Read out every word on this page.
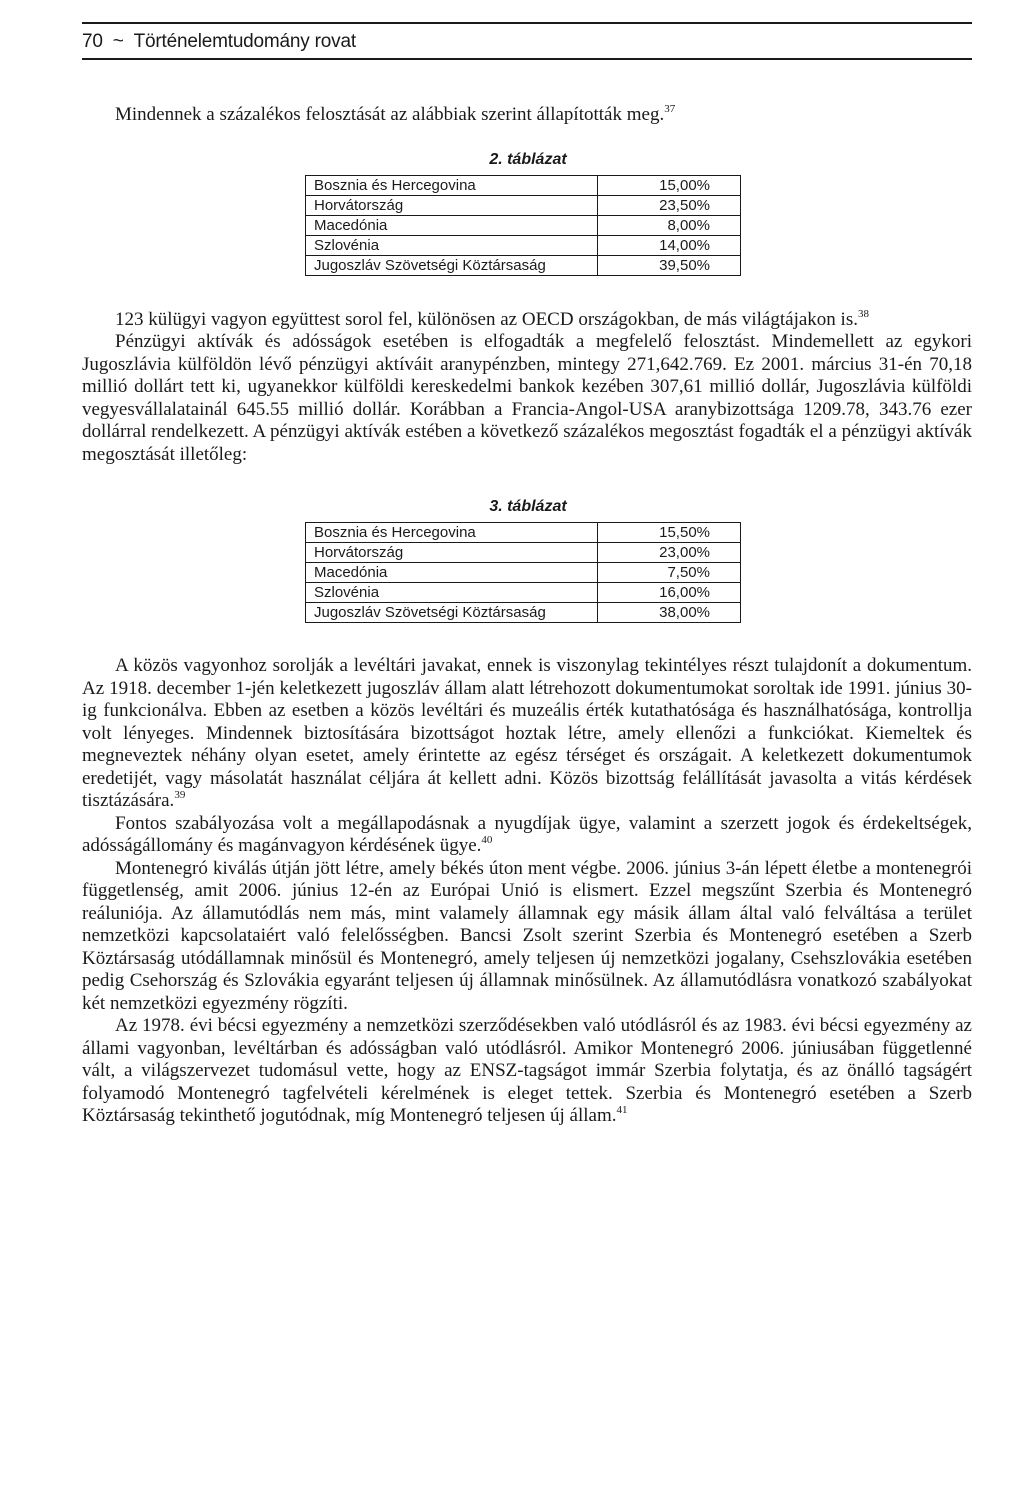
70 ~ Történelemtudomány rovat

Mindennek a százalékos felosztását az alábbiak szerint állapították meg.$^{37}$

2. táblázat
Bosznia és Hercegovina	15,00%
Horvátország	23,50%
Macedónia	8,00%
Szlovénia	14,00%
Jugoszláv Szövetségi Köztársaság	39,50%

123 külügyi vagyon együttest sorol fel, különösen az OECD országokban, de más világtájakon is.$^{38}$

Pénzügyi aktívák és adósságok esetében is elfogadták a megfelelő felosztást. Mindemellett az egykori Jugoszlávia külföldön lévő pénzügyi aktíváit aranypénzben, mintegy 271,642.769. Ez 2001. március 31-én 70,18 millió dollárt tett ki, ugyanekkor külföldi kereskedelmi bankok kezében 307,61 millió dollár, Jugoszlávia külföldi vegyesvállalatainál 645.55 millió dollár. Korábban a Francia-Angol-USA aranybizottsága 1209.78, 343.76 ezer dollárral rendelkezett. A pénzügyi aktívák estében a következő százalékos megosztást fogadták el a pénzügyi aktívák megosztását illetőleg:

3. táblázat
Bosznia és Hercegovina	15,50%
Horvátország	23,00%
Macedónia	7,50%
Szlovénia	16,00%
Jugoszláv Szövetségi Köztársaság	38,00%

A közös vagyonhoz sorolják a levéltári javakat, ennek is viszonylag tekintélyes részt tulajdonít a dokumentum. Az 1918. december 1-jén keletkezett jugoszláv állam alatt létrehozott dokumentumokat soroltak ide 1991. június 30-ig funkcionálva. Ebben az esetben a közös levéltári és muzeális érték kutathatósága és használhatósága, kontrollja volt lényeges. Mindennek biztosítására bizottságot hoztak létre, amely ellenőzi a funkciókat. Kiemeltek és megneveztek néhány olyan esetet, amely érintette az egész térséget és országait. A keletkezett dokumentumok eredetijét, vagy másolatát használat céljára át kellett adni. Közös bizottság felállítását javasolta a vitás kérdések tisztázására.$^{39}$

Fontos szabályozása volt a megállapodásnak a nyugdíjak ügye, valamint a szerzett jogok és érdekeltségek, adósságállomány és magánvagyon kérdésének ügye.$^{40}$

Montenegró kiválás útján jött létre, amely békés úton ment végbe. 2006. június 3-án lépett életbe a montenegrói függetlenség, amit 2006. június 12-én az Európai Unió is elismert. Ezzel megszűnt Szerbia és Montenegró reáluniója. Az államutódlás nem más, mint valamely államnak egy másik állam által való felváltása a terület nemzetközi kapcsolataiért való felelősségben. Bancsi Zsolt szerint Szerbia és Montenegró esetében a Szerb Köztársaság utódállamnak minősül és Montenegró, amely teljesen új nemzetközi jogalany, Csehszlovákia esetében pedig Csehország és Szlovákia egyaránt teljesen új államnak minősülnek. Az államutódlásra vonatkozó szabályokat két nemzetközi egyezmény rögzíti.

Az 1978. évi bécsi egyezmény a nemzetközi szerződésekben való utódlásról és az 1983. évi bécsi egyezmény az állami vagyonban, levéltárban és adósságban való utódlásról. Amikor Montenegró 2006. júniusában függetlenné vált, a világszervezet tudomásul vette, hogy az ENSZ-tagságot immár Szerbia folytatja, és az önálló tagságért folyamodó Montenegró tagfelvételi kérelmének is eleget tettek. Szerbia és Montenegró esetében a Szerb Köztársaság tekinthető jogutódnak, míg Montenegró teljesen új állam.$^{41}$
